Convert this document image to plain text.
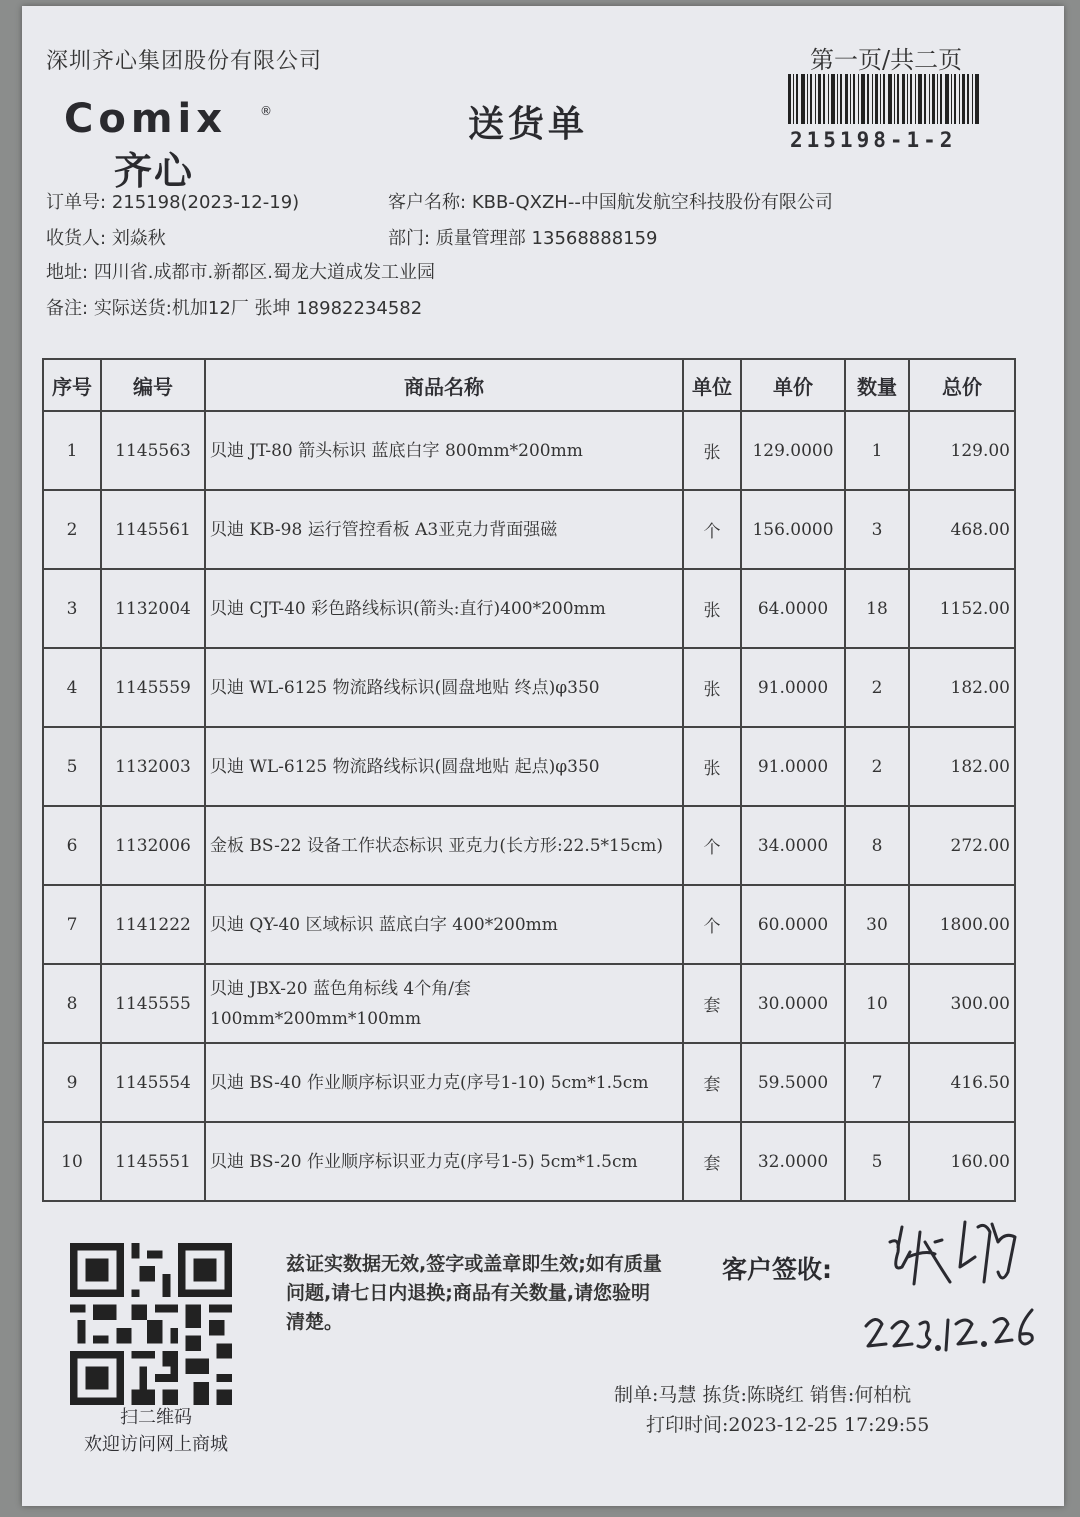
深圳齐心集团股份有限公司
Comix	®
齐心
送货单
第一页/共二页
215198-1-2
订单号: 215198(2023-12-19)	客户名称: KBB-QXZH--中国航发航空科技股份有限公司
收货人: 刘焱秋	部门: 质量管理部 13568888159
地址: 四川省.成都市.新都区.蜀龙大道成发工业园
备注: 实际送货:机加12厂 张坤 18982234582
序号	编号	商品名称	单位	单价	数量	总价
1	1145563	贝迪 JT-80 箭头标识 蓝底白字 800mm*200mm	张	129.0000	1	129.00
2	1145561	贝迪 KB-98 运行管控看板 A3亚克力背面强磁	个	156.0000	3	468.00
3	1132004	贝迪 CJT-40 彩色路线标识(箭头:直行)400*200mm	张	64.0000	18	1152.00
4	1145559	贝迪 WL-6125 物流路线标识(圆盘地贴 终点)φ350	张	91.0000	2	182.00
5	1132003	贝迪 WL-6125 物流路线标识(圆盘地贴 起点)φ350	张	91.0000	2	182.00
6	1132006	金板 BS-22 设备工作状态标识 亚克力(长方形:22.5*15cm)	个	34.0000	8	272.00
7	1141222	贝迪 QY-40 区域标识 蓝底白字 400*200mm	个	60.0000	30	1800.00
8	1145555	贝迪 JBX-20 蓝色角标线 4个角/套 100mm*200mm*100mm	套	30.0000	10	300.00
9	1145554	贝迪 BS-40 作业顺序标识亚力克(序号1-10) 5cm*1.5cm	套	59.5000	7	416.50
10	1145551	贝迪 BS-20 作业顺序标识亚力克(序号1-5) 5cm*1.5cm	套	32.0000	5	160.00
扫二维码
欢迎访问网上商城
兹证实数据无效,签字或盖章即生效;如有质量问题,请七日内退换;商品有关数量,请您验明清楚。
客户签收:
制单:马慧 拣货:陈晓红 销售:何柏杭
打印时间:2023-12-25 17:29:55
